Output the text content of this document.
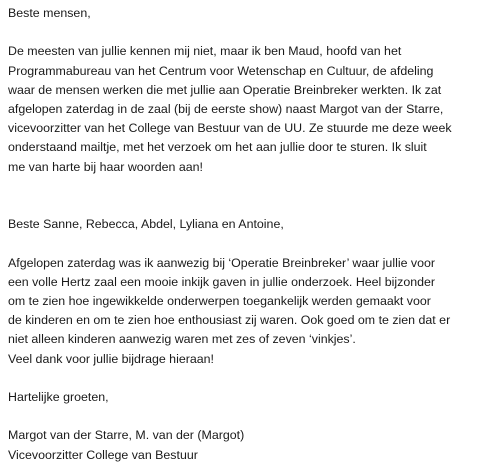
Beste mensen,

De meesten van jullie kennen mij niet, maar ik ben Maud, hoofd van het
Programmabureau van het Centrum voor Wetenschap en Cultuur, de afdeling
waar de mensen werken die met jullie aan Operatie Breinbreker werkten. Ik zat
afgelopen zaterdag in de zaal (bij de eerste show) naast Margot van der Starre,
vicevoorzitter van het College van Bestuur van de UU. Ze stuurde me deze week
onderstaand mailtje, met het verzoek om het aan jullie door te sturen. Ik sluit
me van harte bij haar woorden aan!

Beste Sanne, Rebecca, Abdel, Lyliana en Antoine,

Afgelopen zaterdag was ik aanwezig bij ‘Operatie Breinbreker’ waar jullie voor
een volle Hertz zaal een mooie inkijk gaven in jullie onderzoek. Heel bijzonder
om te zien hoe ingewikkelde onderwerpen toegankelijk werden gemaakt voor
de kinderen en om te zien hoe enthousiast zij waren. Ook goed om te zien dat er
niet alleen kinderen aanwezig waren met zes of zeven ‘vinkjes’.
Veel dank voor jullie bijdrage hieraan!

Hartelijke groeten,

Margot van der Starre, M. van der (Margot)
Vicevoorzitter College van Bestuur
